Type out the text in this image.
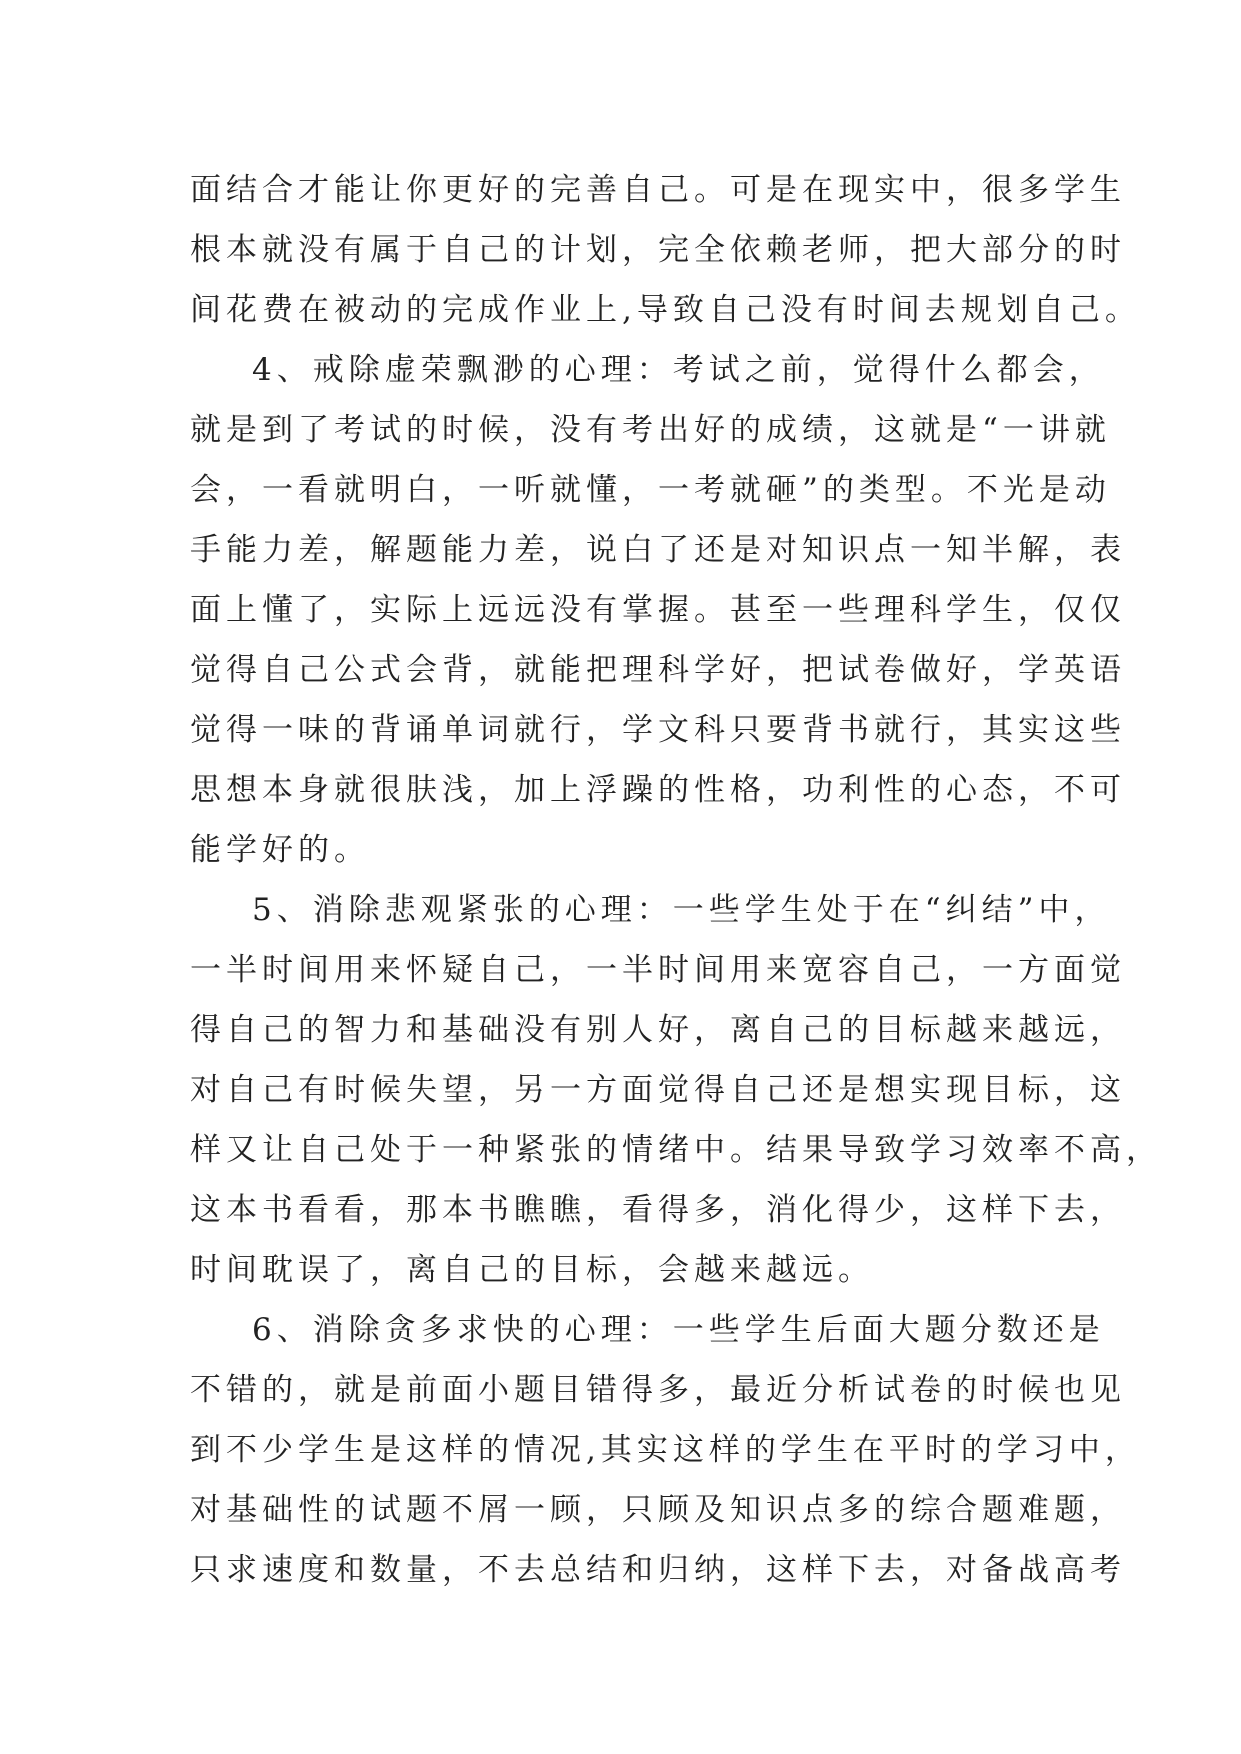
面 结 合 才 能 让 你 更 好 的 完 善 自 己 。 可 是 在 现 实 中 ， 很 多 学 生
根 本 就 没 有 属 于 自 己 的 计 划 ， 完 全 依 赖 老 师 ， 把 大 部 分 的 时
间 花 费 在 被 动 的 完 成 作 业 上 , 导 致 自 己 没 有 时 间 去 规 划 自 己 。
4 、 戒 除 虚 荣 飘 渺 的 心 理 ： 考 试 之 前 ， 觉 得 什 么 都 会 ，
就 是 到 了 考 试 的 时 候 ， 没 有 考 出 好 的 成 绩 ， 这 就 是 “ 一 讲 就
会 ， 一 看 就 明 白 ， 一 听 就 懂 ， 一 考 就 砸 ” 的 类 型 。 不 光 是 动
手 能 力 差 ， 解 题 能 力 差 ， 说 白 了 还 是 对 知 识 点 一 知 半 解 ， 表
面 上 懂 了 ， 实 际 上 远 远 没 有 掌 握 。 甚 至 一 些 理 科 学 生 ， 仅 仅
觉 得 自 己 公 式 会 背 ， 就 能 把 理 科 学 好 ， 把 试 卷 做 好 ， 学 英 语
觉 得 一 味 的 背 诵 单 词 就 行 ， 学 文 科 只 要 背 书 就 行 ， 其 实 这 些
思 想 本 身 就 很 肤 浅 ， 加 上 浮 躁 的 性 格 ， 功 利 性 的 心 态 ， 不 可
能学好的。
5 、 消 除 悲 观 紧 张 的 心 理 ： 一 些 学 生 处 于 在 “ 纠 结 ” 中 ，
一 半 时 间 用 来 怀 疑 自 己 ， 一 半 时 间 用 来 宽 容 自 己 ， 一 方 面 觉
得 自 己 的 智 力 和 基 础 没 有 别 人 好 ， 离 自 己 的 目 标 越 来 越 远 ，
对 自 己 有 时 候 失 望 ， 另 一 方 面 觉 得 自 己 还 是 想 实 现 目 标 ， 这
样 又 让 自 己 处 于 一 种 紧 张 的 情 绪 中 。 结 果 导 致 学 习 效 率 不 高 ，
这 本 书 看 看 ， 那 本 书 瞧 瞧 ， 看 得 多 ， 消 化 得 少 ， 这 样 下 去 ，
时间耽误了，离自己的目标，会越来越远。
6 、 消 除 贪 多 求 快 的 心 理 ： 一 些 学 生 后 面 大 题 分 数 还 是
不 错 的 ， 就 是 前 面 小 题 目 错 得 多 ， 最 近 分 析 试 卷 的 时 候 也 见
到 不 少 学 生 是 这 样 的 情 况 , 其 实 这 样 的 学 生 在 平 时 的 学 习 中 ，
对 基 础 性 的 试 题 不 屑 一 顾 ， 只 顾 及 知 识 点 多 的 综 合 题 难 题 ，
只 求 速 度 和 数 量 ， 不 去 总 结 和 归 纳 ， 这 样 下 去 ， 对 备 战 高 考
